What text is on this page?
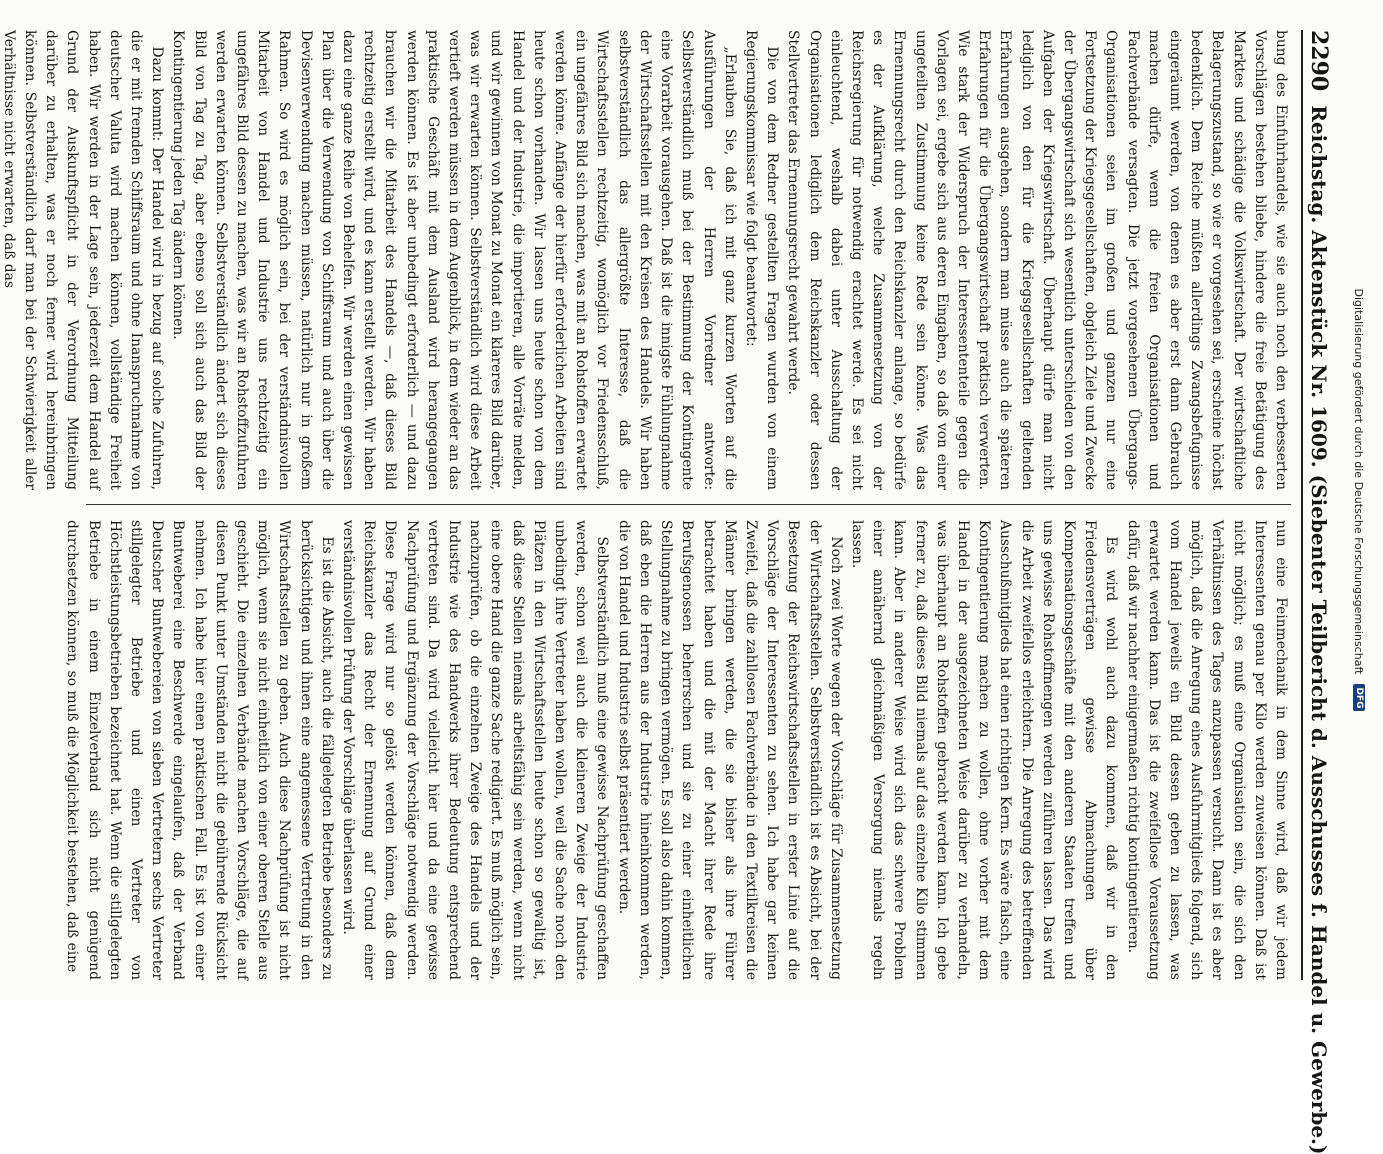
2290
Reichstag. Aktenstück Nr. 1609. (Siebenter Teilbericht d. Ausschusses f. Handel u. Gewerbe.)

bung des Einfuhrhandels, wie sie auch noch den verbesserten Vorschlägen bestehen bliebe, hindere die freie Betätigung des Marktes und schädige die Volkswirtschaft. Der wirtschaftliche Belagerungszustand, so wie er vorgesehen sei, erscheine höchst bedenklich. Dem Reiche müßten allerdings Zwangsbefugnisse eingeräumt werden, von denen es aber erst dann Gebrauch machen dürfe, wenn die freien Organisationen und Fachverbände versagten. Die jetzt vorgesehenen Übergangs-Organisationen seien im großen und ganzen nur eine Fortsetzung der Kriegsgesellschaften, obgleich Ziele und Zwecke der Übergangswirtschaft sich wesentlich unterschieden von den Aufgaben der Kriegswirtschaft. Überhaupt dürfe man nicht lediglich von den für die Kriegsgesellschaften geltenden Erfahrungen ausgehen, sondern man müsse auch die späteren Erfahrungen für die Übergangswirtschaft praktisch verwerten. Wie stark der Widerspruch der Interessententeile gegen die Vorlagen sei, ergebe sich aus deren Eingaben, so daß von einer ungeteilten Zustimmung keine Rede sein könne. Was das Ernennungsrecht durch den Reichskanzler anlange, so bedürfe es der Aufklärung, welche Zusammensetzung von der Reichsregierung für notwendig erachtet werde. Es sei nicht einleuchtend, weshalb dabei unter Ausschaltung der Organisationen lediglich dem Reichskanzler oder dessen Stellvertreter das Ernennungsrecht gewahrt werde.

Die von dem Redner gestellten Fragen wurden von einem Regierungskommissar wie folgt beantwortet:

„Erlauben Sie, daß ich mit ganz kurzen Worten auf die Ausführungen der Herren Vorredner antworte: Selbstverständlich muß bei der Bestimmung der Kontingente eine Vorarbeit vorausgehen. Daß ist die innigste Fühlungnahme der Wirtschaftsstellen mit den Kreisen des Handels. Wir haben selbstverständlich das allergrößte Interesse, daß die Wirtschaftsstellen rechtzeitig, womöglich vor Friedensschluß, ein ungefähres Bild sich machen, was mit an Rohstoffen erwartet werden könne. Anfänge der hierfür erforderlichen Arbeiten sind heute schon vorhanden. Wir lassen uns heute schon von dem Handel und der Industrie, die importieren, alle Vorräte melden, und wir gewinnen von Monat zu Monat ein klareres Bild darüber, was wir erwarten können. Selbstverständlich wird diese Arbeit vertieft werden müssen in dem Augenblick, in dem wieder an das praktische Geschäft mit dem Ausland wird herangegangen werden können. Es ist aber unbedingt erforderlich — und dazu brauchen wir die Mitarbeit des Handels —, daß dieses Bild rechtzeitig erstellt wird, und es kann erstellt werden. Wir haben dazu eine ganze Reihe von Behelfen. Wir werden einen gewissen Plan über die Verwendung von Schiffsraum und auch über die Devisenverwendung machen müssen, natürlich nur in großem Rahmen. So wird es möglich sein, bei der verständnisvollen Mitarbeit von Handel und Industrie uns rechtzeitig ein ungefähres Bild dessen zu machen, was wir an Rohstoffzufuhren werden erwarten können. Selbstverständlich ändert sich dieses Bild von Tag zu Tag, aber ebenso soll sich auch das Bild der Kontingentierung jeden Tag ändern können.

Dazu kommt: Der Handel wird in bezug auf solche Zufuhren, die er mit fremden Schiffsraum und ohne Inanspruchnahme von deutscher Valuta wird machen können, vollständige Freiheit haben. Wir werden in der Lage sein, jederzeit dem Handel auf Grund der Auskunftspflicht in der Verordnung Mitteilung darüber zu erhalten, was er noch ferner wird hereinbringen können. Selbstverständlich darf man bei der Schwierigkeit aller Verhältnisse nicht erwarten, daß das

nun eine Feinmechanik in dem Sinne wird, daß wir jedem Interessenten genau per Kilo werden zuweisen können. Daß ist nicht möglich; es muß eine Organisation sein, die sich den Verhältnissen des Tages anzupassen versucht. Dann ist es aber möglich, daß die Anregung eines Ausfuhrmitglieds folgend, sich vom Handel jeweils ein Bild dessen geben zu lassen, was erwartet werden kann. Das ist die zweifellose Voraussetzung dafür, daß wir nachher einigermaßen richtig kontingentieren.

Es wird wohl auch dazu kommen, daß wir in den Friedensverträgen gewisse Abmachungen über Kompensationsgeschäfte mit den anderen Staaten treffen und uns gewisse Rohstoffmengen werden zuführen lassen. Das wird die Arbeit zweifellos erleichtern. Die Anregung des betreffenden Ausschußmitglieds hat einen richtigen Kern. Es wäre falsch, eine Kontingentierung machen zu wollen, ohne vorher mit dem Handel in der ausgezeichneten Weise darüber zu verhandeln, was überhaupt an Rohstoffen gebracht werden kann. Ich gebe ferner zu, daß dieses Bild niemals auf das einzelne Kilo stimmen kann. Aber in anderer Weise wird sich das schwere Problem einer annähernd gleichmäßigen Versorgung niemals regeln lassen.

Noch zwei Worte wegen der Vorschläge für Zusammensetzung der Wirtschaftsstellen. Selbstverständlich ist es Absicht, bei der Besetzung der Reichswirtschaftsstellen in erster Linie auf die Vorschläge der Interessenten zu sehen. Ich habe gar keinen Zweifel, daß die zahllosen Fachverbände in den Textilkreisen die Männer bringen werden, die sie bisher als ihre Führer betrachtet haben und die mit der Macht ihrer Rede ihre Berufsgenossen beherrschen und sie zu einer einheitlichen Stellungnahme zu bringen vermögen. Es soll also dahin kommen, daß eben die Herren aus der Industrie hineinkommen werden, die von Handel und Industrie selbst präsentiert werden.

Selbstverständlich muß eine gewisse Nachprüfung geschaffen werden, schon weil auch die kleineren Zweige der Industrie unbedingt ihre Vertreter haben wollen, weil die Sache noch den Plätzen in den Wirtschaftsstellen heute schon so gewaltig ist, daß diese Stellen niemals arbeitsfähig sein werden, wenn nicht eine obere Hand die ganze Sache redigiert. Es muß möglich sein, nachzuprüfen, ob die einzelnen Zweige des Handels und der Industrie wie des Handwerks ihrer Bedeutung entsprechend vertreten sind. Da wird vielleicht hier und da eine gewisse Nachprüfung und Ergänzung der Vorschläge notwendig werden. Diese Frage wird nur so gelöst werden können, daß dem Reichskanzler das Recht der Ernennung auf Grund einer verständnisvollen Prüfung der Vorschläge überlassen wird.

Es ist die Absicht, auch die fällgelegten Betriebe besonders zu berücksichtigen und ihnen eine angemessene Vertretung in den Wirtschaftsstellen zu geben. Auch diese Nachprüfung ist nicht möglich, wenn sie nicht einheitlich von einer oberen Stelle aus geschieht. Die einzelnen Verbände machen Vorschläge, die auf diesen Punkt unter Umständen nicht die gebührende Rücksicht nehmen. Ich habe hier einen praktischen Fall. Es ist von einer Buntweberei eine Beschwerde eingelaufen, daß der Verband Deutscher Buntwebereien von sieben Vertretern sechs Vertreter stillgelegter Betriebe und einen Vertreter von Höchstleistungsbetrieben bezeichnet hat. Wenn die stillgelegten Betriebe in einem Einzelverband sich nicht genügend durchsetzen können, so muß die Möglichkeit bestehen, daß eine

Digitalisierung gefördert durch die Deutsche Forschungsgemeinschaft
DFG
